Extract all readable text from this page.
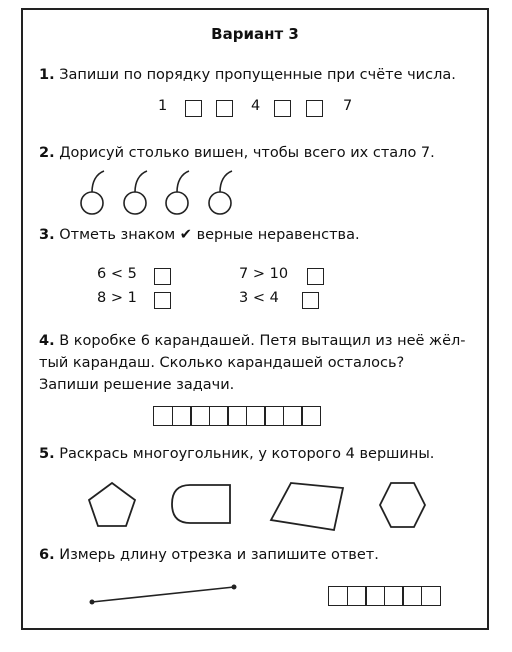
Вариант 3
1. Запиши по порядку пропущенные при счёте числа.
1	4	7
2. Дорисуй столько вишен, чтобы всего их стало 7.
3. Отметь знаком ✔ верные неравенства.
6 < 5	7 > 10
8 > 1	3 < 4
4. В коробке 6 карандашей. Петя вытащил из неё жёл-
тый карандаш. Сколько карандашей осталось?
Запиши решение задачи.
5. Раскрась многоугольник, у которого 4 вершины.
6. Измерь длину отрезка и запишите ответ.
